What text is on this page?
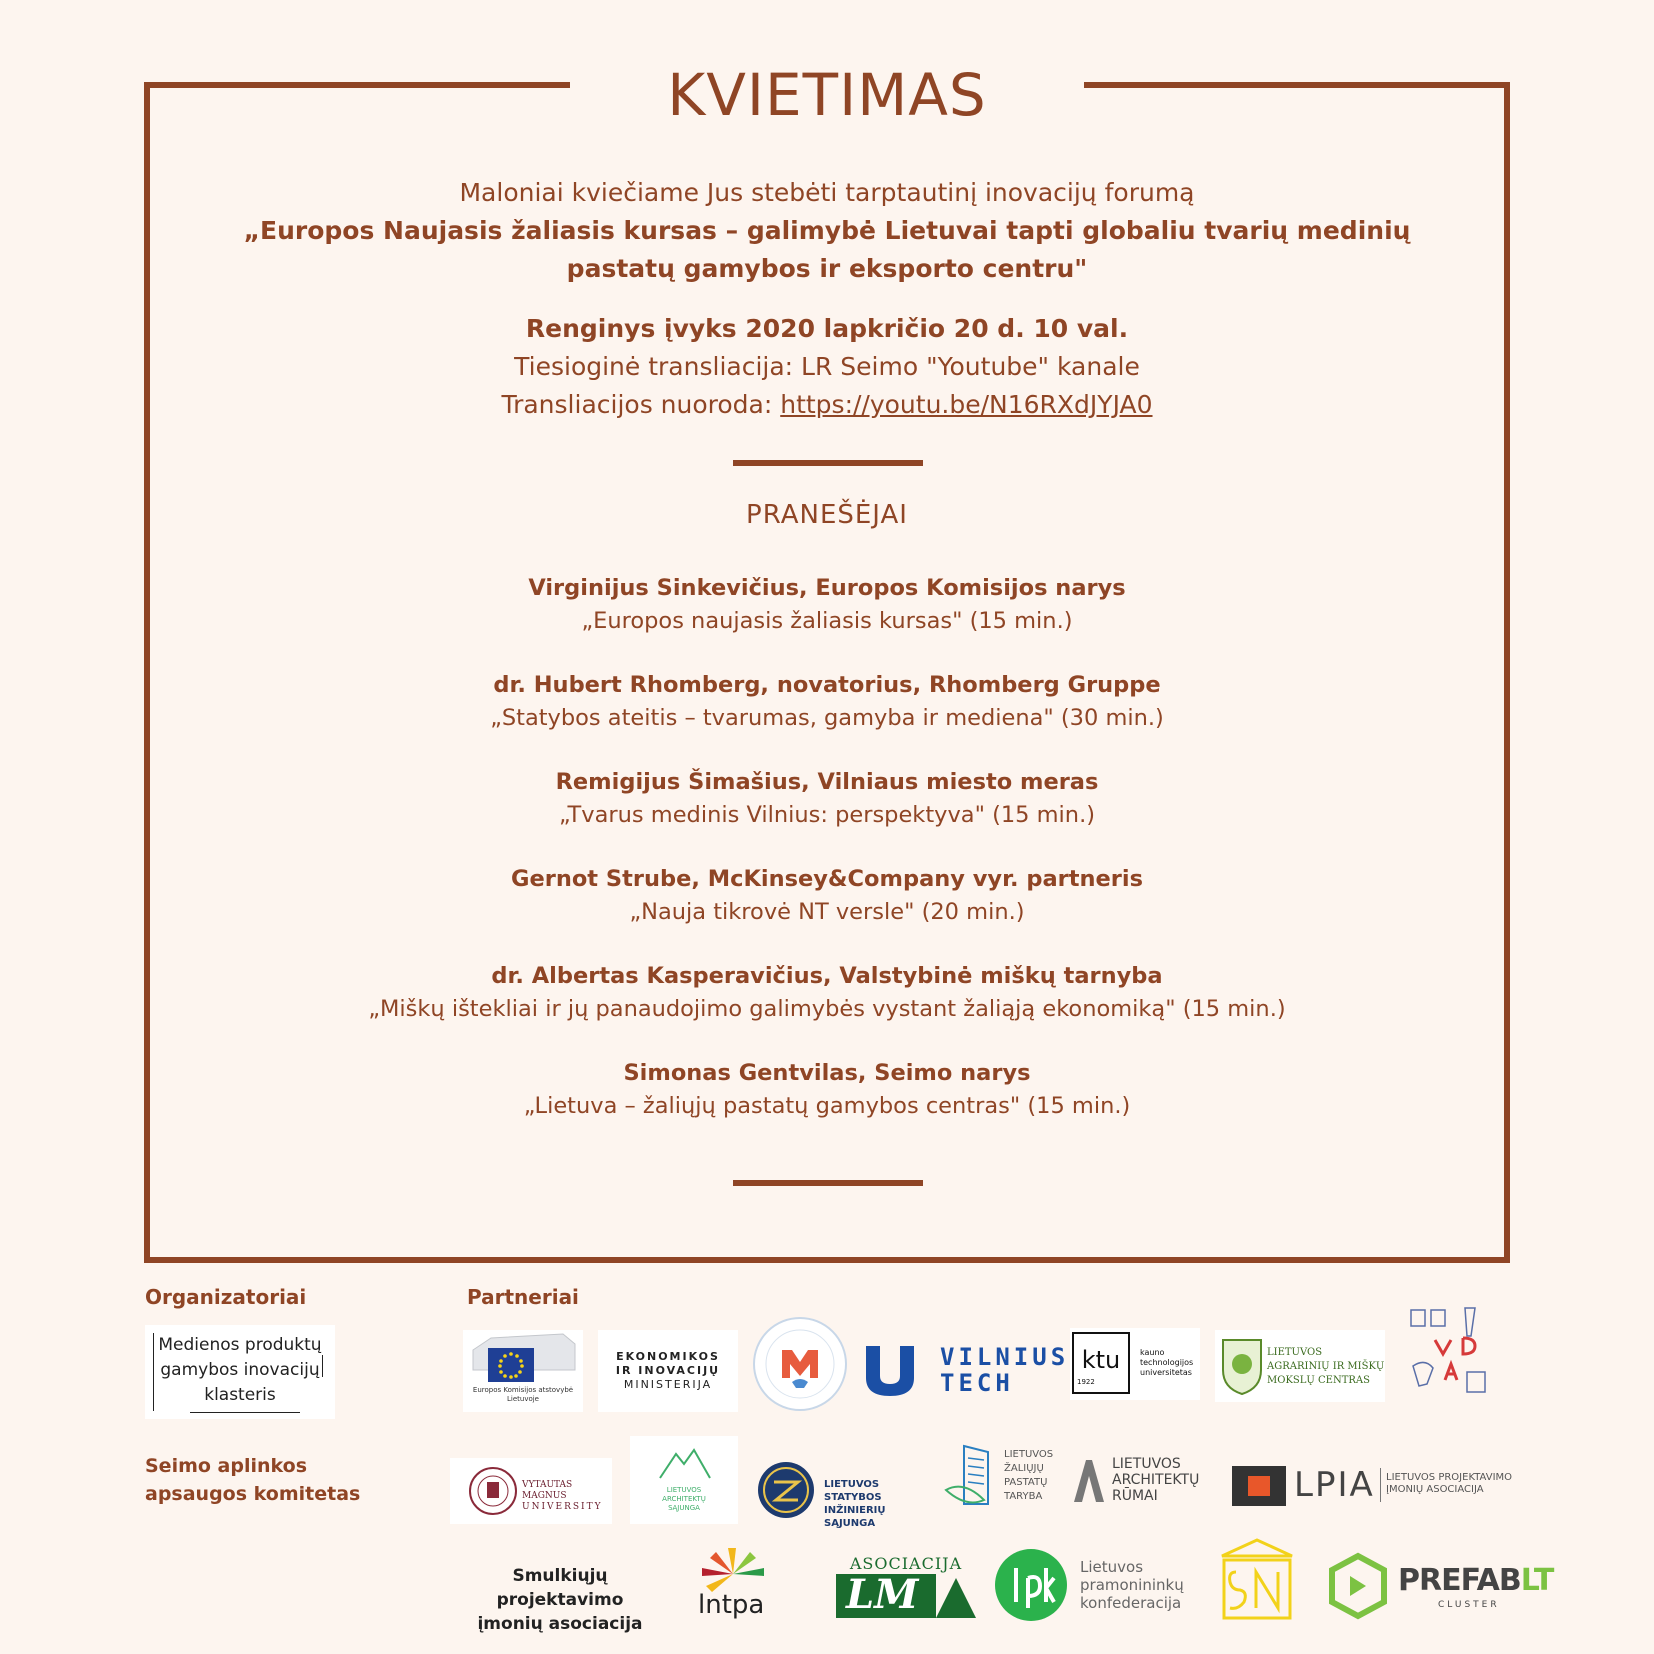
KVIETIMAS
Maloniai kviečiame Jus stebėti tarptautinį inovacijų forumą
„Europos Naujasis žaliasis kursas – galimybė Lietuvai tapti globaliu tvarių medinių
pastatų gamybos ir eksporto centru"
Renginys įvyks 2020 lapkričio 20 d. 10 val.
Tiesioginė transliacija: LR Seimo "Youtube" kanale
Transliacijos nuoroda: https://youtu.be/N16RXdJYJA0
PRANEŠĖJAI
Virginijus Sinkevičius, Europos Komisijos narys
„Europos naujasis žaliasis kursas" (15 min.)
dr. Hubert Rhomberg, novatorius, Rhomberg Gruppe
„Statybos ateitis – tvarumas, gamyba ir mediena" (30 min.)
Remigijus Šimašius, Vilniaus miesto meras
„Tvarus medinis Vilnius: perspektyva" (15 min.)
Gernot Strube, McKinsey&Company vyr. partneris
„Nauja tikrovė NT versle" (20 min.)
dr. Albertas Kasperavičius, Valstybinė miškų tarnyba
„Miškų ištekliai ir jų panaudojimo galimybės vystant žaliąją ekonomiką" (15 min.)
Simonas Gentvilas, Seimo narys
„Lietuva – žaliųjų pastatų gamybos centras" (15 min.)
Organizatoriai	Partneriai
Medienos produktų
gamybos inovacijų
klasteris
Seimo aplinkos
apsaugos komitetas
Europos Komisijos atstovybė
Lietuvoje
EKONOMIKOS
IR INOVACIJŲ
MINISTERIJA
VILNIUS
TECH
ktu
1922
kauno
technologijos
universitetas
LIETUVOS
AGRARINIŲ IR MIŠKŲ
MOKSLŲ CENTRAS
VYTAUTAS MAGNUS
UNIVERSITY
LIETUVOS
ARCHITEKTŲ
SĄJUNGA
LIETUVOS STATYBOS
INŽINIERIŲ SĄJUNGA
LIETUVOS
ŽALIŲJŲ
PASTATŲ
TARYBA
LIETUVOS
ARCHITEKTŲ
RŪMAI	LPIA LIETUVOS PROJEKTAVIMO
ĮMONIŲ ASOCIACIJA
Smulkiųjų projektavimo
įmonių asociacija
lntpa
ASOCIACIJA
LM
Lietuvos
pramonininkų
konfederacija
PREFABLT
CLUSTER
